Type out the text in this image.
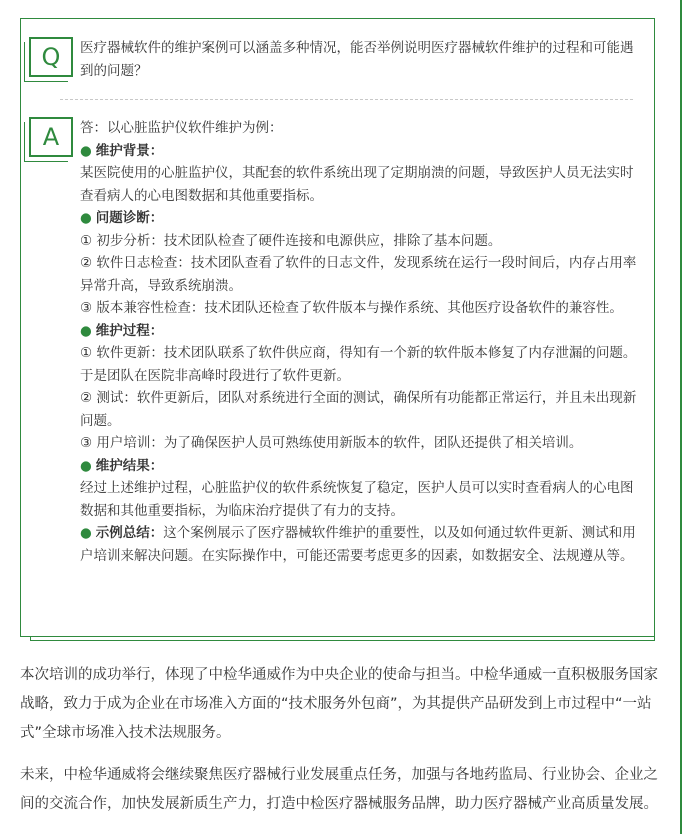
Q	医疗器械软件的维护案例可以涵盖多种情况，能否举例说明医疗器械软件维护的过程和可能遇到的问题？
A	答：以心脏监护仪软件维护为例：

● 维护背景：

某医院使用的心脏监护仪，其配套的软件系统出现了定期崩溃的问题，导致医护人员无法实时查看病人的心电图数据和其他重要指标。

● 问题诊断：

① 初步分析：技术团队检查了硬件连接和电源供应，排除了基本问题。

② 软件日志检查：技术团队查看了软件的日志文件，发现系统在运行一段时间后，内存占用率异常升高，导致系统崩溃。

③ 版本兼容性检查：技术团队还检查了软件版本与操作系统、其他医疗设备软件的兼容性。

● 维护过程：

① 软件更新：技术团队联系了软件供应商，得知有一个新的软件版本修复了内存泄漏的问题。于是团队在医院非高峰时段进行了软件更新。

② 测试：软件更新后，团队对系统进行全面的测试，确保所有功能都正常运行，并且未出现新问题。

③ 用户培训：为了确保医护人员可熟练使用新版本的软件，团队还提供了相关培训。

● 维护结果：

经过上述维护过程，心脏监护仪的软件系统恢复了稳定，医护人员可以实时查看病人的心电图数据和其他重要指标，为临床治疗提供了有力的支持。

● 示例总结：这个案例展示了医疗器械软件维护的重要性，以及如何通过软件更新、测试和用户培训来解决问题。在实际操作中，可能还需要考虑更多的因素，如数据安全、法规遵从等。

本次培训的成功举行，体现了中检华通威作为中央企业的使命与担当。中检华通威一直积极服务国家战略，致力于成为企业在市场准入方面的“技术服务外包商”，为其提供产品研发到上市过程中“一站式”全球市场准入技术法规服务。

未来，中检华通威将会继续聚焦医疗器械行业发展重点任务，加强与各地药监局、行业协会、企业之间的交流合作，加快发展新质生产力，打造中检医疗器械服务品牌，助力医疗器械产业高质量发展。
